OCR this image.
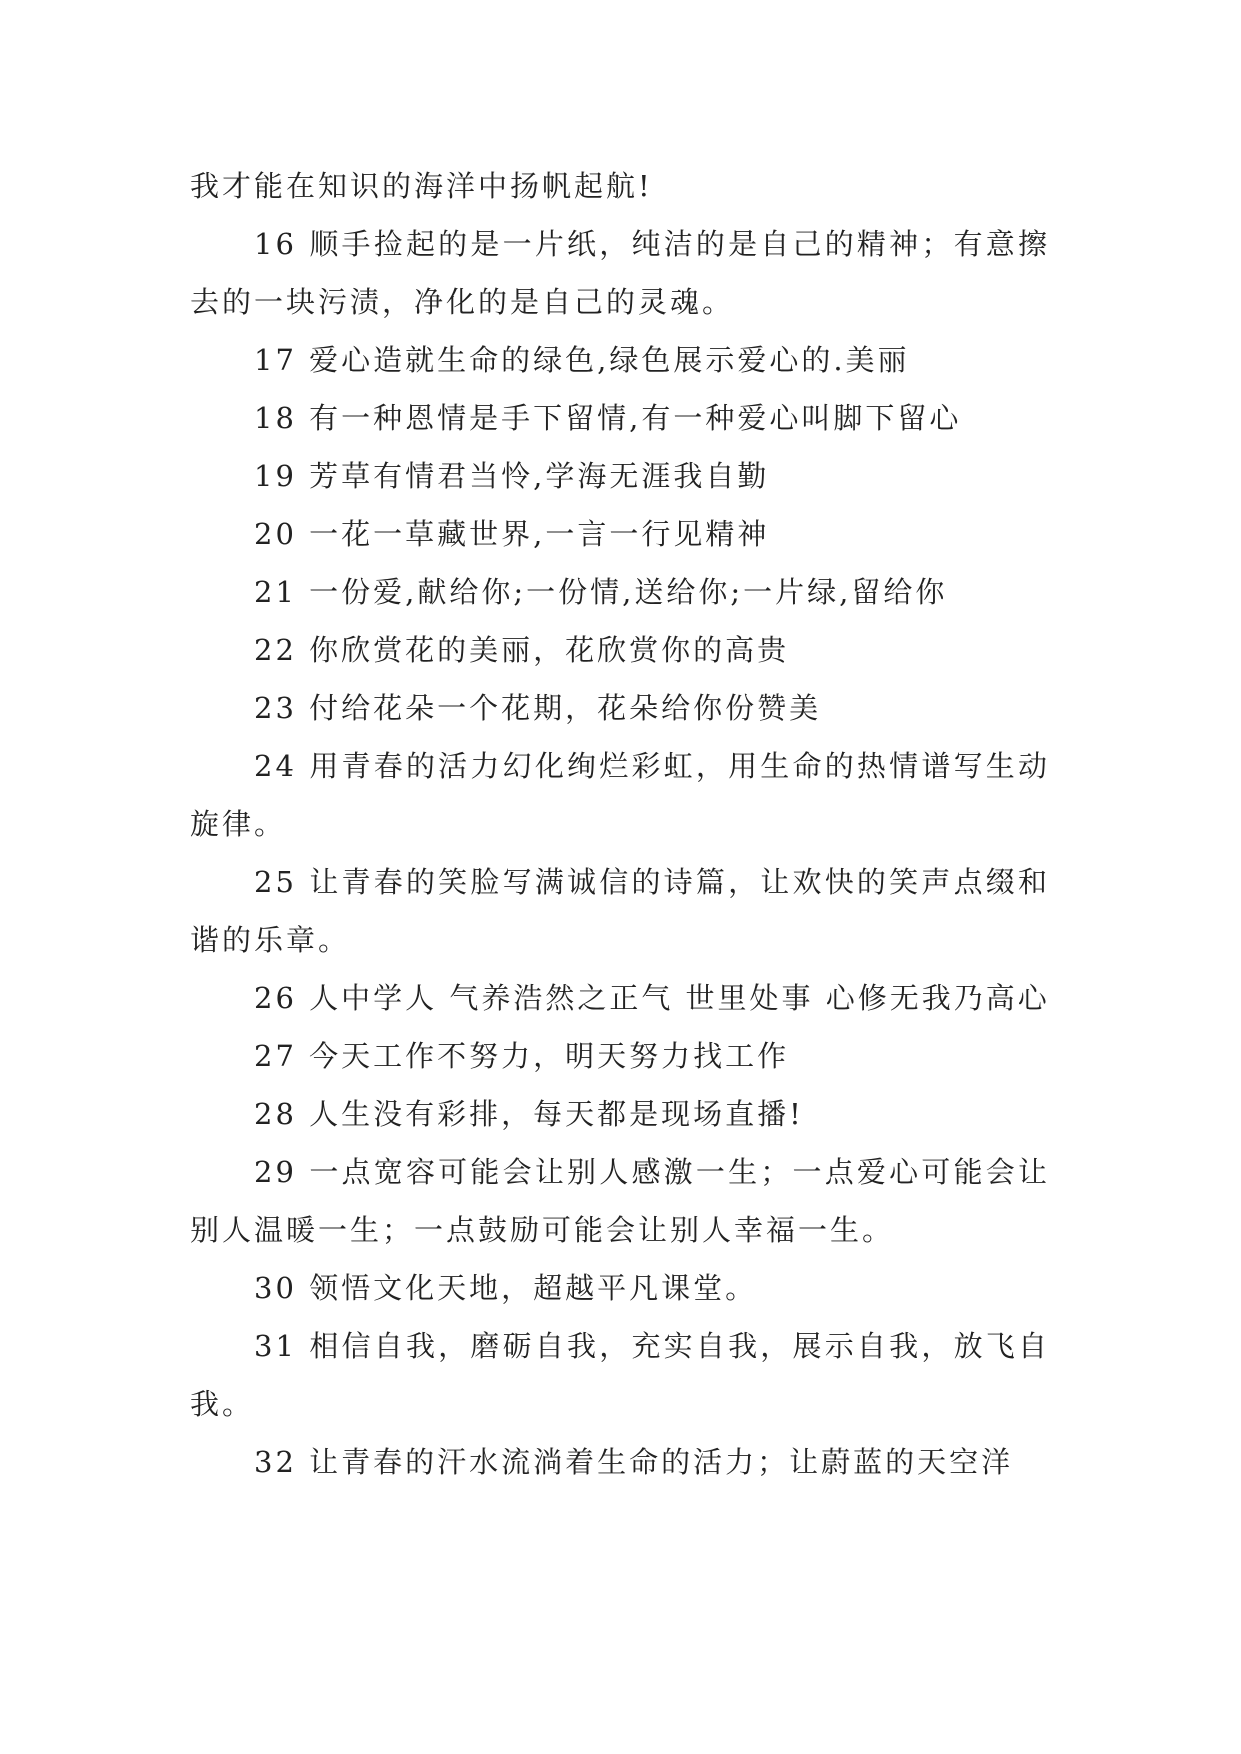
我才能在知识的海洋中扬帆起航!

16 顺手捡起的是一片纸，纯洁的是自己的精神；有意擦去的一块污渍，净化的是自己的灵魂。

17 爱心造就生命的绿色,绿色展示爱心的.美丽

18 有一种恩情是手下留情,有一种爱心叫脚下留心

19 芳草有情君当怜,学海无涯我自勤

20 一花一草藏世界,一言一行见精神

21 一份爱,献给你;一份情,送给你;一片绿,留给你

22 你欣赏花的美丽，花欣赏你的高贵

23 付给花朵一个花期，花朵给你份赞美

24 用青春的活力幻化绚烂彩虹，用生命的热情谱写生动旋律。

25 让青春的笑脸写满诚信的诗篇，让欢快的笑声点缀和谐的乐章。

26 人中学人 气养浩然之正气 世里处事 心修无我乃高心

27 今天工作不努力，明天努力找工作

28 人生没有彩排，每天都是现场直播!

29 一点宽容可能会让别人感激一生；一点爱心可能会让别人温暖一生；一点鼓励可能会让别人幸福一生。

30 领悟文化天地，超越平凡课堂。

31 相信自我，磨砺自我，充实自我，展示自我，放飞自我。

32 让青春的汗水流淌着生命的活力；让蔚蓝的天空洋
